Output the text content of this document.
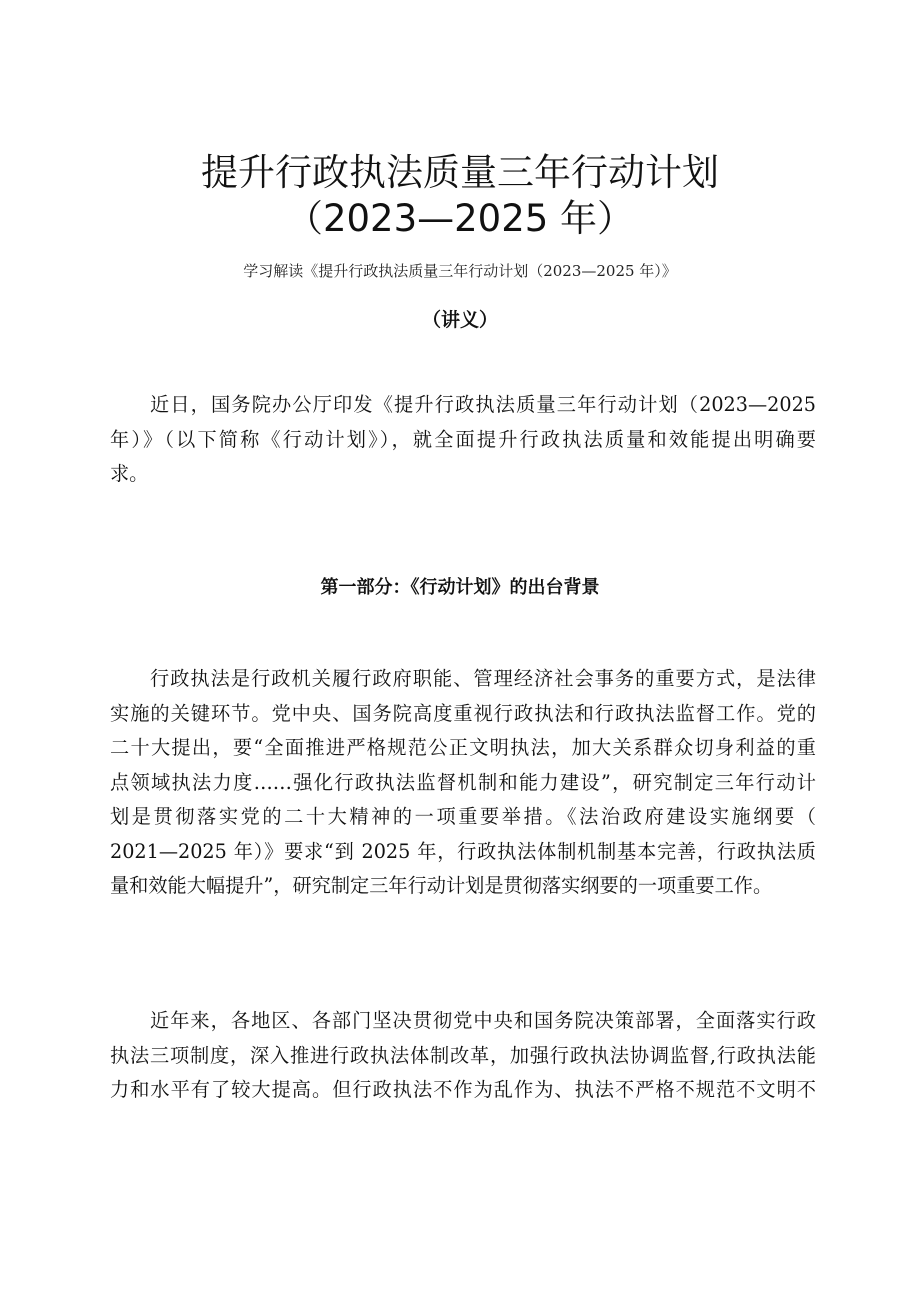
提升行政执法质量三年行动计划
（2023—2025 年）
学习解读《提升行政执法质量三年行动计划（2023—2025 年）》
（讲义）
近日，国务院办公厅印发《提升行政执法质量三年行动计划（2023—2025
年）》（以下简称《行动计划》），就全面提升行政执法质量和效能提出明确要
求。
第一部分：《行动计划》的出台背景
行政执法是行政机关履行政府职能、管理经济社会事务的重要方式，是法律
实施的关键环节。党中央、国务院高度重视行政执法和行政执法监督工作。党的
二十大提出，要“全面推进严格规范公正文明执法，加大关系群众切身利益的重
点领域执法力度……强化行政执法监督机制和能力建设”，研究制定三年行动计
划是贯彻落实党的二十大精神的一项重要举措。《法治政府建设实施纲要（
2021—2025 年）》要求“到 2025 年，行政执法体制机制基本完善，行政执法质
量和效能大幅提升”，研究制定三年行动计划是贯彻落实纲要的一项重要工作。
近年来，各地区、各部门坚决贯彻党中央和国务院决策部署，全面落实行政
执法三项制度，深入推进行政执法体制改革，加强行政执法协调监督,行政执法能
力和水平有了较大提高。但行政执法不作为乱作为、执法不严格不规范不文明不
